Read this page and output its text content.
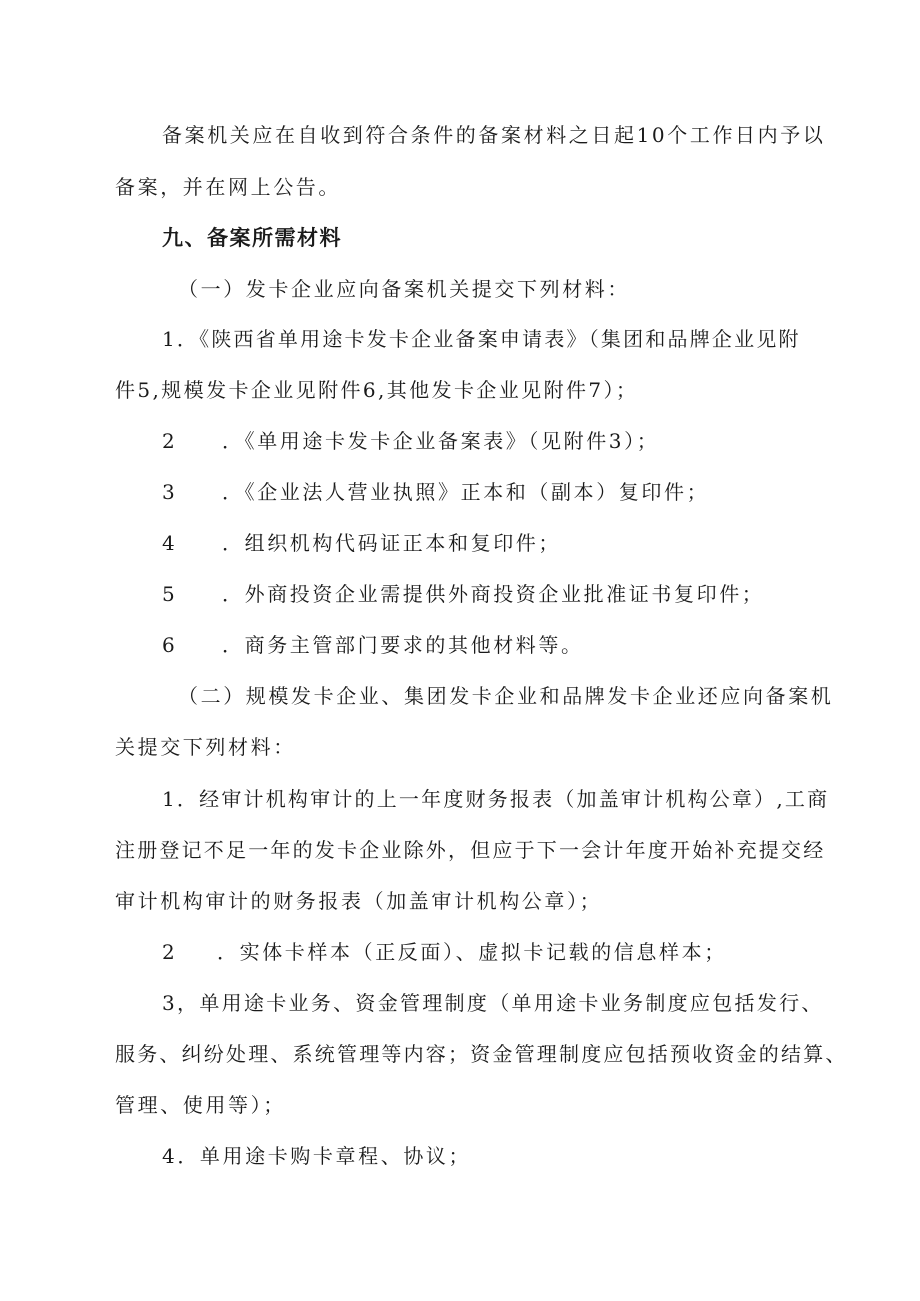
备案机关应在自收到符合条件的备案材料之日起10个工作日内予以

备案，并在网上公告。

九、备案所需材料

（一）发卡企业应向备案机关提交下列材料：

1．《陕西省单用途卡发卡企业备案申请表》（集团和品牌企业见附

件5,规模发卡企业见附件6,其他发卡企业见附件7）；

2 ．《单用途卡发卡企业备案表》（见附件3）；

3 ．《企业法人营业执照》正本和（副本）复印件；

4 ．组织机构代码证正本和复印件；

5 ．外商投资企业需提供外商投资企业批准证书复印件；

6 ．商务主管部门要求的其他材料等。

（二）规模发卡企业、集团发卡企业和品牌发卡企业还应向备案机

关提交下列材料：

1．经审计机构审计的上一年度财务报表（加盖审计机构公章）,工商

注册登记不足一年的发卡企业除外，但应于下一会计年度开始补充提交经

审计机构审计的财务报表（加盖审计机构公章）；

2 ．实体卡样本（正反面）、虚拟卡记载的信息样本；

3，单用途卡业务、资金管理制度（单用途卡业务制度应包括发行、

服务、纠纷处理、系统管理等内容；资金管理制度应包括预收资金的结算、

管理、使用等）；

4．单用途卡购卡章程、协议；
